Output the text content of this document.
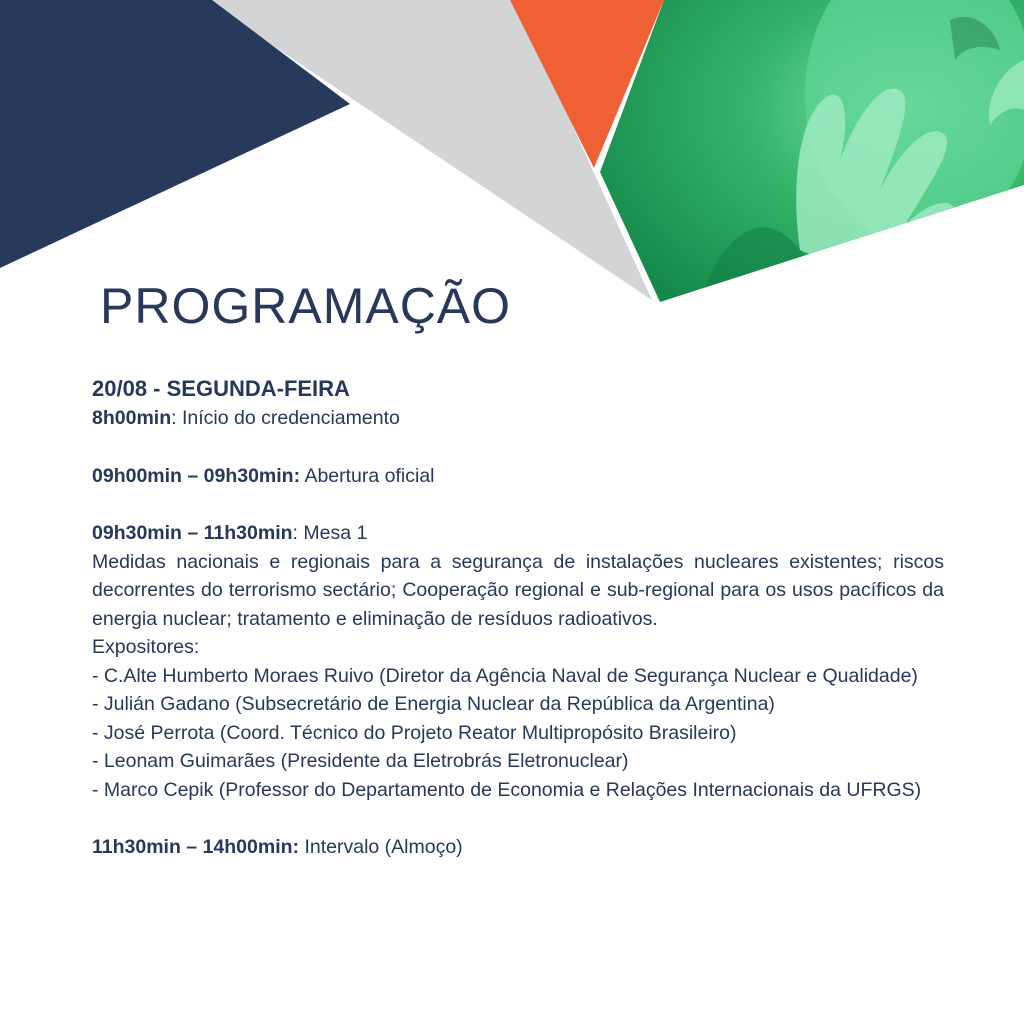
PROGRAMAÇÃO

20/08 - SEGUNDA-FEIRA

8h00min: Início do credenciamento

09h00min – 09h30min: Abertura oficial

09h30min – 11h30min: Mesa 1

Medidas nacionais e regionais para a segurança de instalações nucleares existentes; riscos decorrentes do terrorismo sectário; Cooperação regional e sub-regional para os usos pacíficos da energia nuclear; tratamento e eliminação de resíduos radioativos.

Expositores:

- C.Alte Humberto Moraes Ruivo (Diretor da Agência Naval de Segurança Nuclear e Qualidade)
- Julián Gadano (Subsecretário de Energia Nuclear da República da Argentina)
- José Perrota (Coord. Técnico do Projeto Reator Multipropósito Brasileiro)
- Leonam Guimarães (Presidente da Eletrobrás Eletronuclear)
- Marco Cepik (Professor do Departamento de Economia e Relações Internacionais da UFRGS)

11h30min – 14h00min: Intervalo (Almoço)
